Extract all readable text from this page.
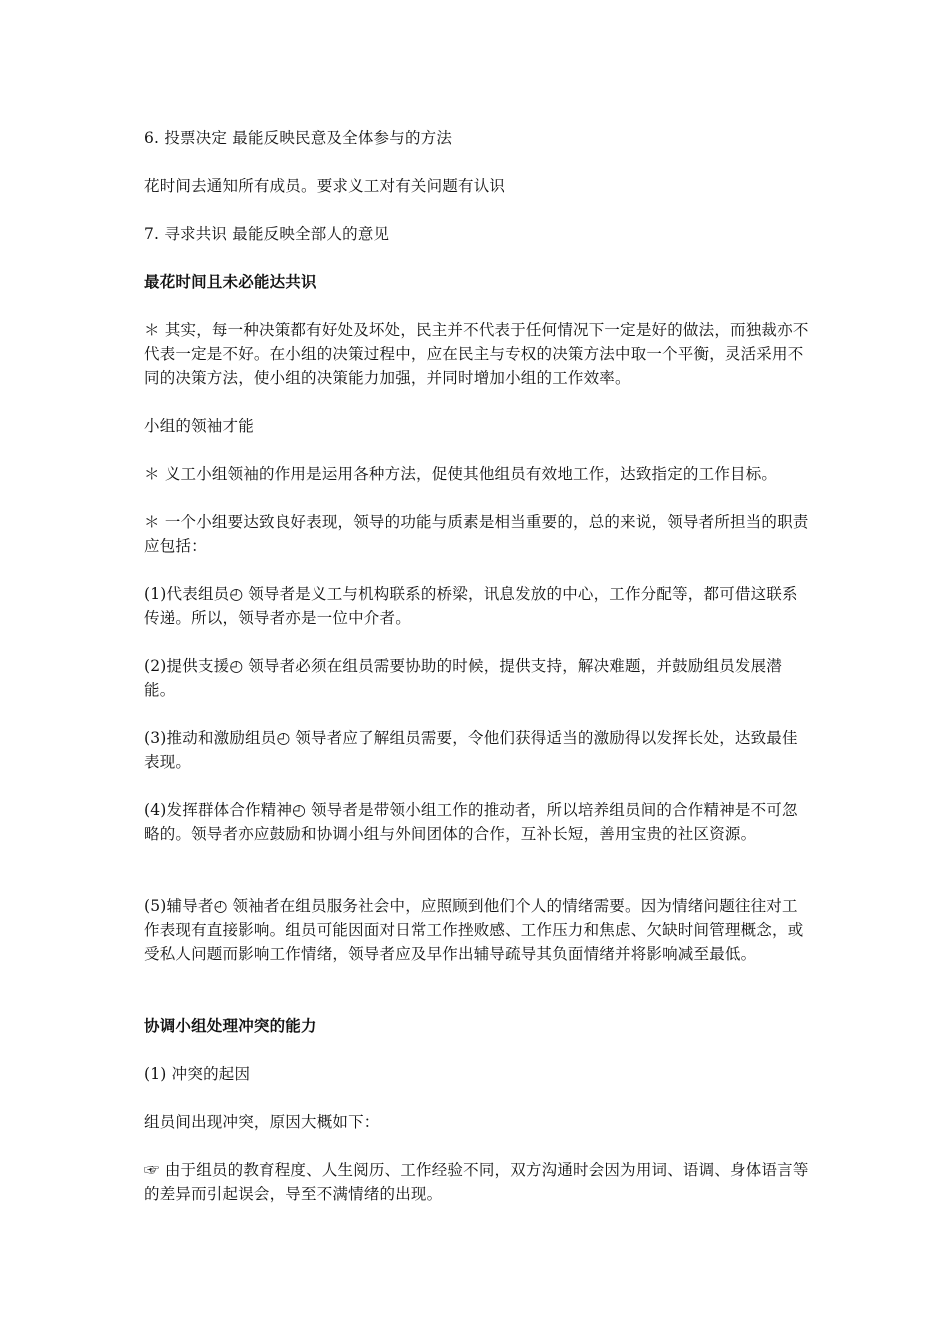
6. 投票决定 最能反映民意及全体参与的方法

花时间去通知所有成员。要求义工对有关问题有认识

7. 寻求共识 最能反映全部人的意见

最花时间且未必能达共识

＊ 其实，每一种决策都有好处及坏处，民主并不代表于任何情况下一定是好的做法，而独裁亦不代表一定是不好。在小组的决策过程中，应在民主与专权的决策方法中取一个平衡，灵活采用不同的决策方法，使小组的决策能力加强，并同时增加小组的工作效率。

小组的领袖才能

＊ 义工小组领袖的作用是运用各种方法，促使其他组员有效地工作，达致指定的工作目标。

＊ 一个小组要达致良好表现，领导的功能与质素是相当重要的，总的来说，领导者所担当的职责应包括：

(1)代表组员◴ 领导者是义工与机构联系的桥梁，讯息发放的中心，工作分配等，都可借这联系传递。所以，领导者亦是一位中介者。

(2)提供支援◴ 领导者必须在组员需要协助的时候，提供支持，解决难题，并鼓励组员发展潜能。

(3)推动和激励组员◴ 领导者应了解组员需要，令他们获得适当的激励得以发挥长处，达致最佳表现。

(4)发挥群体合作精神◴ 领导者是带领小组工作的推动者，所以培养组员间的合作精神是不可忽略的。领导者亦应鼓励和协调小组与外间团体的合作，互补长短，善用宝贵的社区资源。

(5)辅导者◴ 领袖者在组员服务社会中，应照顾到他们个人的情绪需要。因为情绪问题往往对工作表现有直接影响。组员可能因面对日常工作挫败感、工作压力和焦虑、欠缺时间管理概念，或受私人问题而影响工作情绪，领导者应及早作出辅导疏导其负面情绪并将影响减至最低。

协调小组处理冲突的能力

(1) 冲突的起因

组员间出现冲突，原因大概如下：

☞ 由于组员的教育程度、人生阅历、工作经验不同，双方沟通时会因为用词、语调、身体语言等的差异而引起误会，导至不满情绪的出现。
